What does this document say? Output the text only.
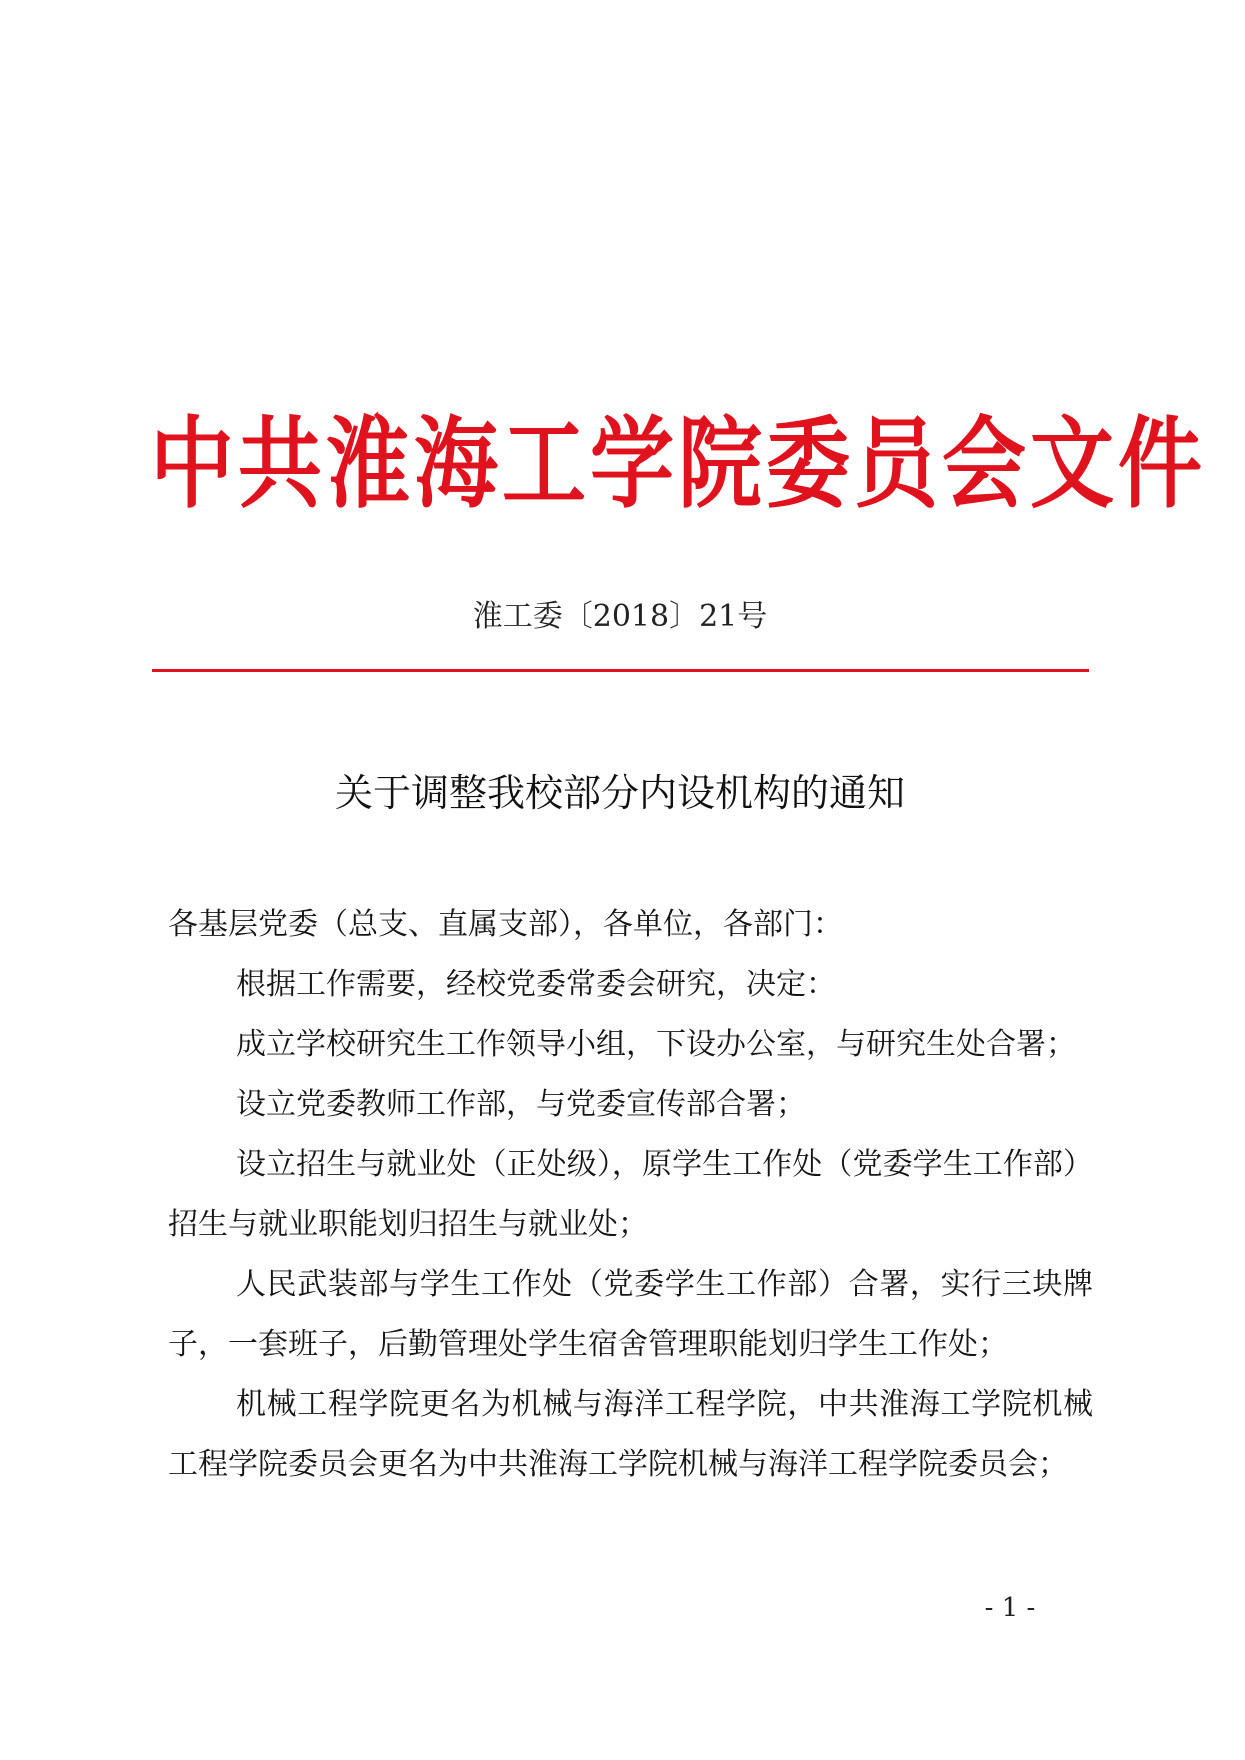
中共淮海工学院委员会文件
淮工委〔2018〕21号
关于调整我校部分内设机构的通知

各基层党委（总支、直属支部），各单位，各部门：

根据工作需要，经校党委常委会研究，决定：

成立学校研究生工作领导小组，下设办公室，与研究生处合署；

设立党委教师工作部，与党委宣传部合署；

设立招生与就业处（正处级），原学生工作处（党委学生工作部）招生与就业职能划归招生与就业处；

人民武装部与学生工作处（党委学生工作部）合署，实行三块牌子，一套班子，后勤管理处学生宿舍管理职能划归学生工作处；

机械工程学院更名为机械与海洋工程学院，中共淮海工学院机械工程学院委员会更名为中共淮海工学院机械与海洋工程学院委员会；

- 1 -
